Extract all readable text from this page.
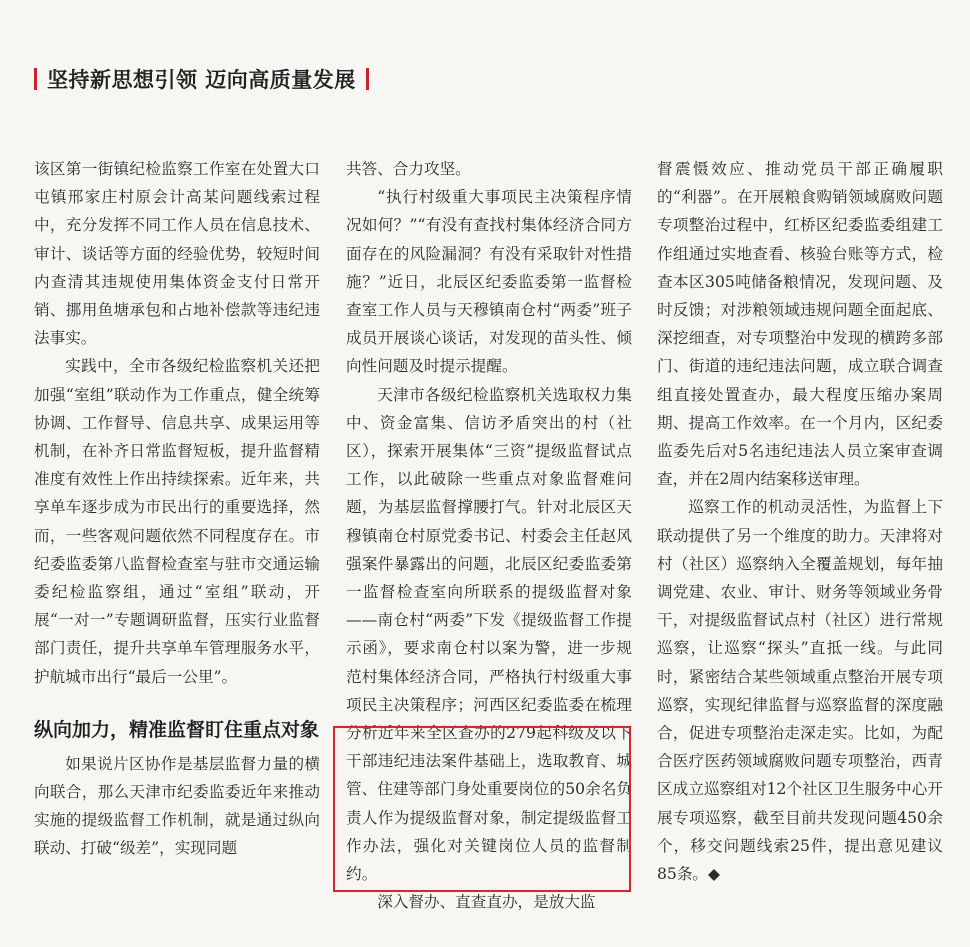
坚持新思想引领 迈向高质量发展

该区第一街镇纪检监察工作室在处置大口屯镇邢家庄村原会计高某问题线索过程中，充分发挥不同工作人员在信息技术、审计、谈话等方面的经验优势，较短时间内查清其违规使用集体资金支付日常开销、挪用鱼塘承包和占地补偿款等违纪违法事实。

实践中，全市各级纪检监察机关还把加强“室组”联动作为工作重点，健全统筹协调、工作督导、信息共享、成果运用等机制，在补齐日常监督短板，提升监督精准度有效性上作出持续探索。近年来，共享单车逐步成为市民出行的重要选择，然而，一些客观问题依然不同程度存在。市纪委监委第八监督检查室与驻市交通运输委纪检监察组，通过“室组”联动，开展“一对一”专题调研监督，压实行业监督部门责任，提升共享单车管理服务水平，护航城市出行“最后一公里”。

纵向加力，精准监督盯住重点对象

如果说片区协作是基层监督力量的横向联合，那么天津市纪委监委近年来推动实施的提级监督工作机制，就是通过纵向联动、打破“级差”，实现同题

共答、合力攻坚。

“执行村级重大事项民主决策程序情况如何？”“有没有查找村集体经济合同方面存在的风险漏洞？有没有采取针对性措施？”近日，北辰区纪委监委第一监督检查室工作人员与天穆镇南仓村“两委”班子成员开展谈心谈话，对发现的苗头性、倾向性问题及时提示提醒。

天津市各级纪检监察机关选取权力集中、资金富集、信访矛盾突出的村（社区），探索开展集体“三资”提级监督试点工作，以此破除一些重点对象监督难问题，为基层监督撑腰打气。针对北辰区天穆镇南仓村原党委书记、村委会主任赵风强案件暴露出的问题，北辰区纪委监委第一监督检查室向所联系的提级监督对象——南仓村“两委”下发《提级监督工作提示函》，要求南仓村以案为警，进一步规范村集体经济合同，严格执行村级重大事项民主决策程序；河西区纪委监委在梳理分析近年来全区查办的279起科级及以下干部违纪违法案件基础上，选取教育、城管、住建等部门身处重要岗位的50余名负责人作为提级监督对象，制定提级监督工作办法，强化对关键岗位人员的监督制约。

深入督办、直查直办，是放大监

督震慑效应、推动党员干部正确履职的“利器”。在开展粮食购销领域腐败问题专项整治过程中，红桥区纪委监委组建工作组通过实地查看、核验台账等方式，检查本区305吨储备粮情况，发现问题、及时反馈；对涉粮领域违规问题全面起底、深挖细查，对专项整治中发现的横跨多部门、街道的违纪违法问题，成立联合调查组直接处置查办，最大程度压缩办案周期、提高工作效率。在一个月内，区纪委监委先后对5名违纪违法人员立案审查调查，并在2周内结案移送审理。

巡察工作的机动灵活性，为监督上下联动提供了另一个维度的助力。天津将对村（社区）巡察纳入全覆盖规划，每年抽调党建、农业、审计、财务等领域业务骨干，对提级监督试点村（社区）进行常规巡察，让巡察“探头”直抵一线。与此同时，紧密结合某些领域重点整治开展专项巡察，实现纪律监督与巡察监督的深度融合，促进专项整治走深走实。比如，为配合医疗医药领域腐败问题专项整治，西青区成立巡察组对12个社区卫生服务中心开展专项巡察，截至目前共发现问题450余个，移交问题线索25件，提出意见建议85条。◆
